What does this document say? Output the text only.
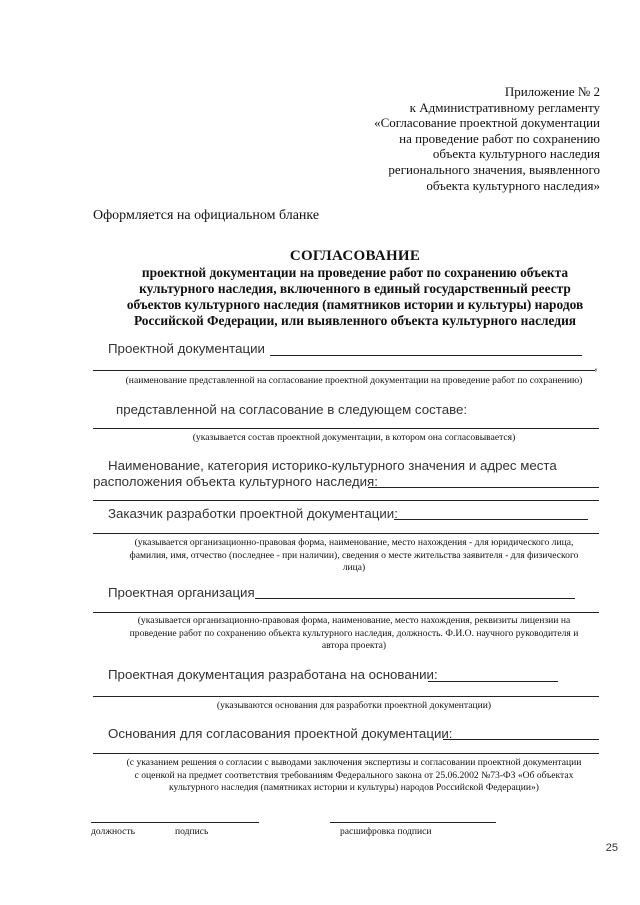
Приложение № 2
к Административному регламенту
«Согласование проектной документации
на проведение работ по сохранению
объекта культурного наследия
регионального значения, выявленного
объекта культурного наследия»
Оформляется на официальном бланке
СОГЛАСОВАНИЕ
проектной документации на проведение работ по сохранению объекта
культурного наследия, включенного в единый государственный реестр
объектов культурного наследия (памятников истории и культуры) народов
Российской Федерации, или выявленного объекта культурного наследия
Проектной документации
,
(наименование представленной на согласование проектной документации на проведение работ по сохранению)
представленной на согласование в следующем составе:
(указывается состав проектной документации, в котором она согласовывается)
Наименование, категория историко-культурного значения и адрес места
расположения объекта культурного наследия:
Заказчик разработки проектной документации:
(указывается организационно-правовая форма, наименование, место нахождения - для юридического лица,
фамилия, имя, отчество (последнее - при наличии), сведения о месте жительства заявителя - для физического
лица)
Проектная организация
(указывается организационно-правовая форма, наименование, место нахождения, реквизиты лицензии на
проведение работ по сохранению объекта культурного наследия, должность. Ф.И.О. научного руководителя и
автора проекта)
Проектная документация разработана на основании:
(указываются основания для разработки проектной документации)
Основания для согласования проектной документации:
(с указанием решения о согласии с выводами заключения экспертизы и согласовании проектной документации
с оценкой на предмет соответствия требованиям Федерального закона от 25.06.2002 №73-ФЗ «Об объектах
культурного наследия (памятниках истории и культуры) народов Российской Федерации»)
должность	подпись	расшифровка подписи
25
